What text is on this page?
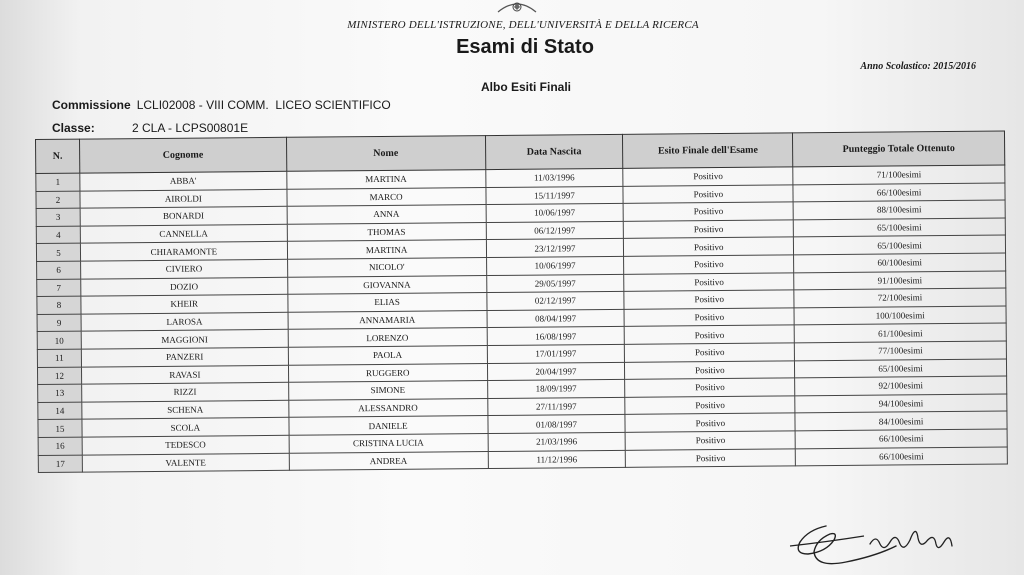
MINISTERO DELL'ISTRUZIONE, DELL'UNIVERSITÀ E DELLA RICERCA
Esami di Stato
Anno Scolastico: 2015/2016
Albo Esiti Finali
Commissione LCLI02008 - VIII COMM.  LICEO SCIENTIFICO
Classe:	2 CLA - LCPS00801E
N.	Cognome	Nome	Data Nascita	Esito Finale dell'Esame	Punteggio Totale Ottenuto
1	ABBA'	MARTINA	11/03/1996	Positivo	71/100esimi
2	AIROLDI	MARCO	15/11/1997	Positivo	66/100esimi
3	BONARDI	ANNA	10/06/1997	Positivo	88/100esimi
4	CANNELLA	THOMAS	06/12/1997	Positivo	65/100esimi
5	CHIARAMONTE	MARTINA	23/12/1997	Positivo	65/100esimi
6	CIVIERO	NICOLO'	10/06/1997	Positivo	60/100esimi
7	DOZIO	GIOVANNA	29/05/1997	Positivo	91/100esimi
8	KHEIR	ELIAS	02/12/1997	Positivo	72/100esimi
9	LAROSA	ANNAMARIA	08/04/1997	Positivo	100/100esimi
10	MAGGIONI	LORENZO	16/08/1997	Positivo	61/100esimi
11	PANZERI	PAOLA	17/01/1997	Positivo	77/100esimi
12	RAVASI	RUGGERO	20/04/1997	Positivo	65/100esimi
13	RIZZI	SIMONE	18/09/1997	Positivo	92/100esimi
14	SCHENA	ALESSANDRO	27/11/1997	Positivo	94/100esimi
15	SCOLA	DANIELE	01/08/1997	Positivo	84/100esimi
16	TEDESCO	CRISTINA LUCIA	21/03/1996	Positivo	66/100esimi
17	VALENTE	ANDREA	11/12/1996	Positivo	66/100esimi
